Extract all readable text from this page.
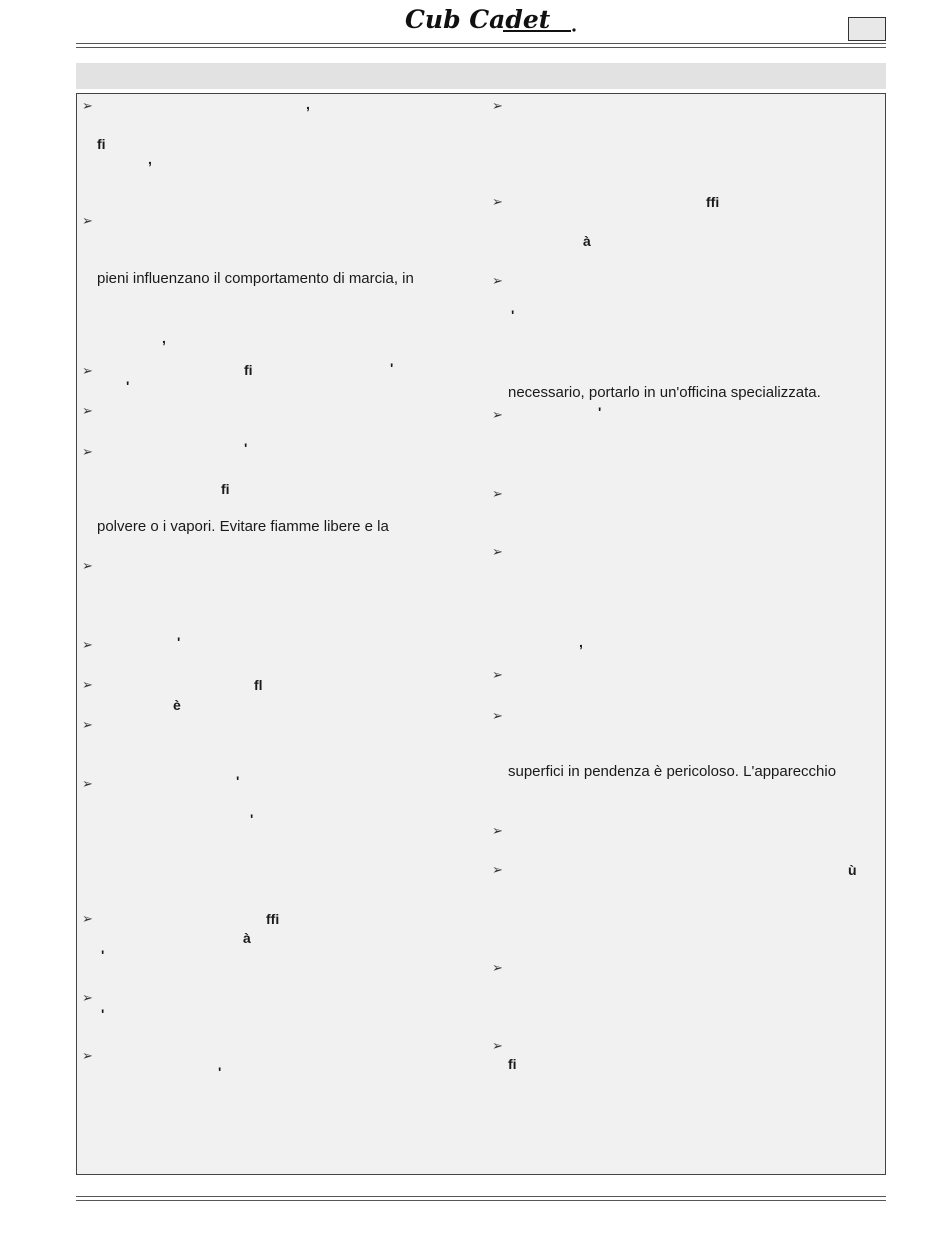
Cub Cadet
➢
➢
➢
➢
➢
➢
➢
➢
➢
➢
➢
➢
➢
,
fi
,
,
fi	'
'
'
fi
'
fl
è
'
'
ffi
à
'
'
'
pieni influenzano il comportamento di marcia, in
polvere o i vapori. Evitare fiamme libere e la
➢
➢
➢
➢
➢
➢
➢
➢
➢
➢
➢
➢
ffi
à
'
'
,
ù
fi
necessario, portarlo in un'officina specializzata.
superfici in pendenza è pericoloso. L'apparecchio
